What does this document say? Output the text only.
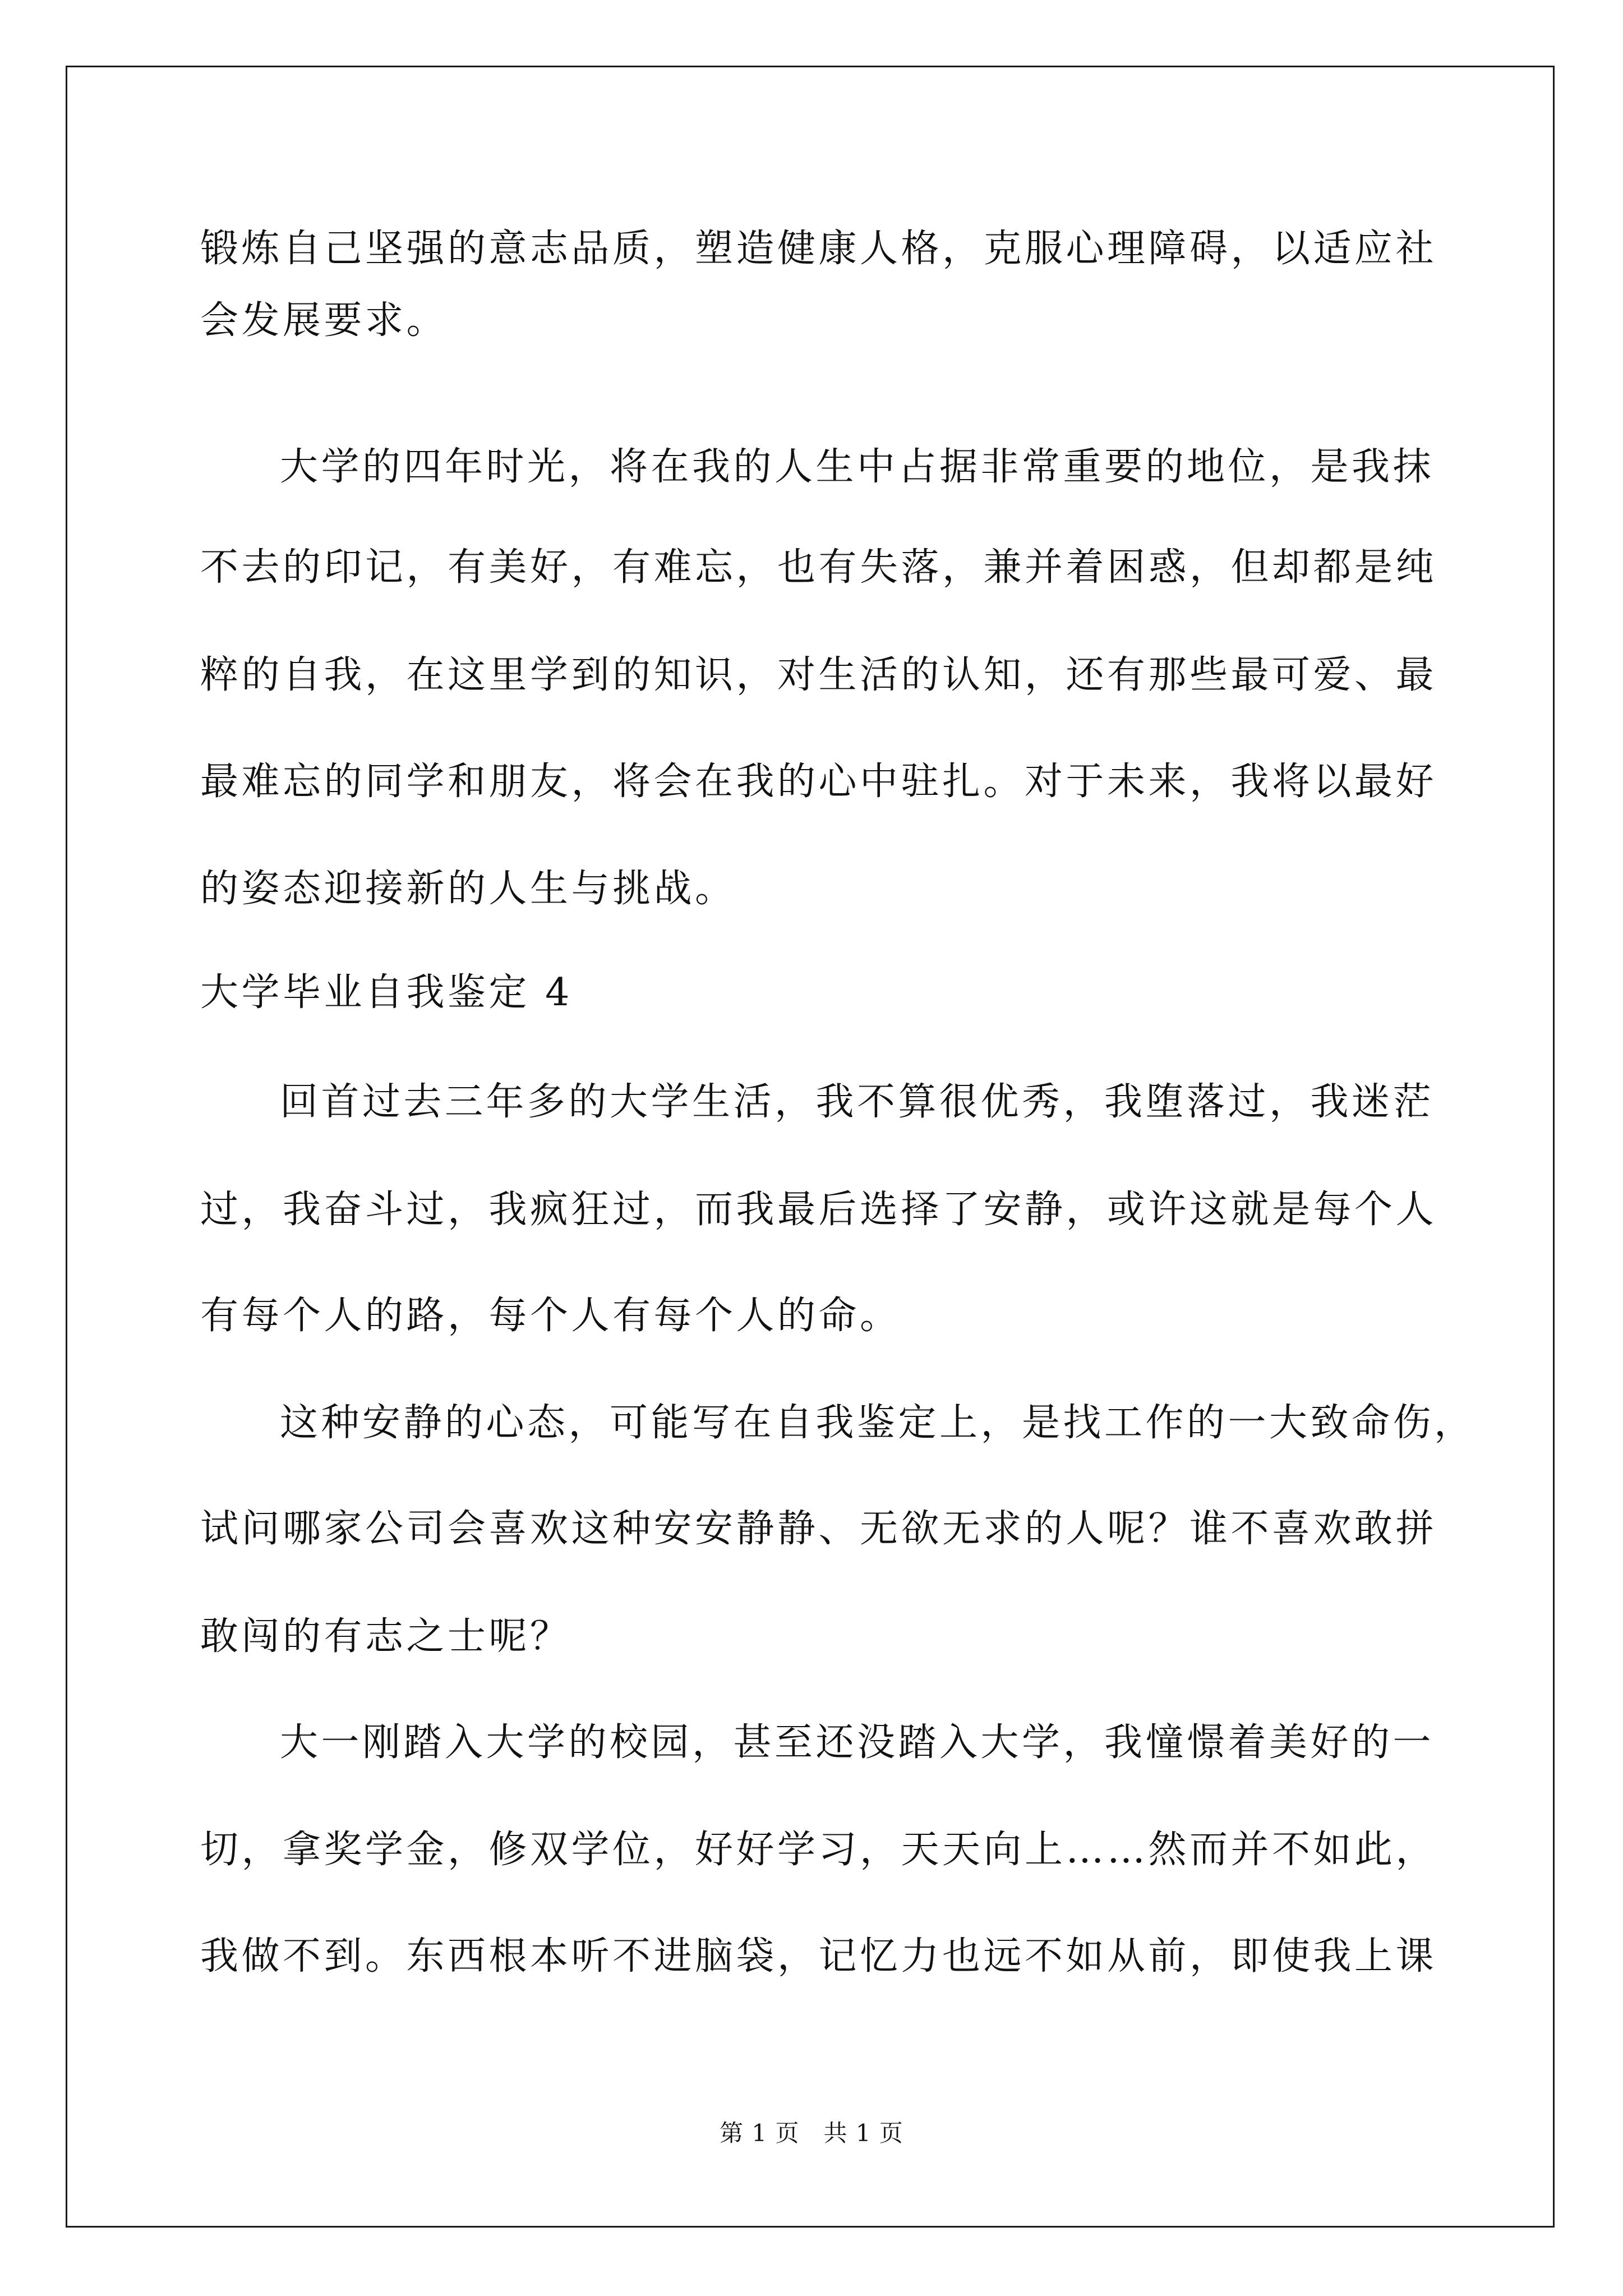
锻炼自己坚强的意志品质，塑造健康人格，克服心理障碍，以适应社
会发展要求。
大学的四年时光，将在我的人生中占据非常重要的地位，是我抹
不去的印记，有美好，有难忘，也有失落，兼并着困惑，但却都是纯
粹的自我，在这里学到的知识，对生活的认知，还有那些最可爱、最
最难忘的同学和朋友，将会在我的心中驻扎。对于未来，我将以最好
的姿态迎接新的人生与挑战。
大学毕业自我鉴定 4
回首过去三年多的大学生活，我不算很优秀，我堕落过，我迷茫
过，我奋斗过，我疯狂过，而我最后选择了安静，或许这就是每个人
有每个人的路，每个人有每个人的命。
这种安静的心态，可能写在自我鉴定上，是找工作的一大致命伤，
试问哪家公司会喜欢这种安安静静、无欲无求的人呢？谁不喜欢敢拼
敢闯的有志之士呢？
大一刚踏入大学的校园，甚至还没踏入大学，我憧憬着美好的一
切，拿奖学金，修双学位，好好学习，天天向上……然而并不如此，
我做不到。东西根本听不进脑袋，记忆力也远不如从前，即使我上课
第 1 页　共 1 页
